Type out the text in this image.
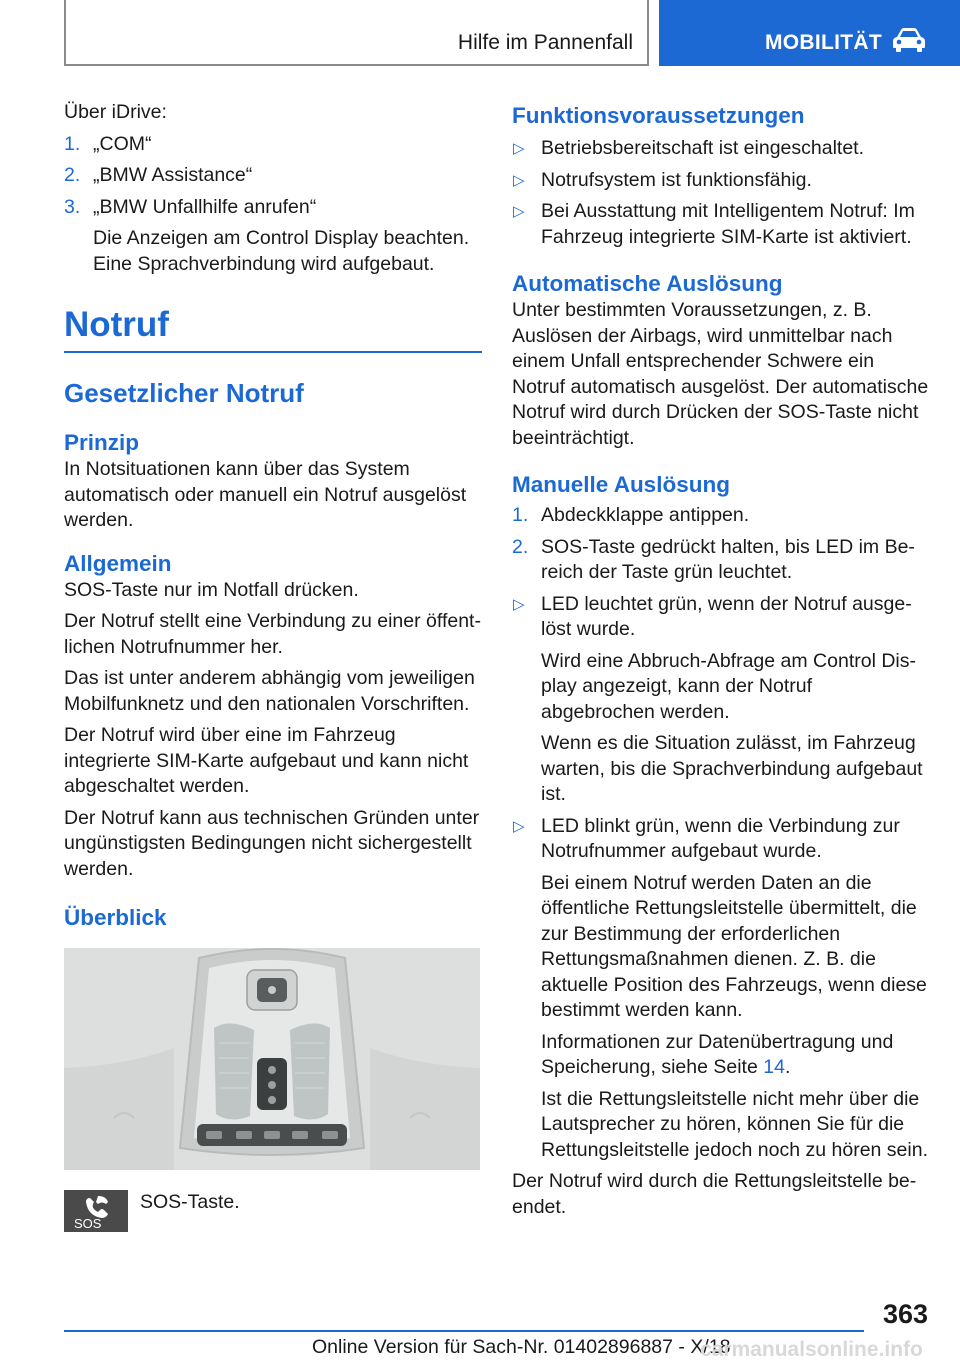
Hilfe im Pannenfall	MOBILITÄT

Über iDrive:

1. „COM“
2. „BMW Assistance“
3. „BMW Unfallhilfe anrufen“
Die Anzeigen am Control Display beachten. Eine Sprachverbindung wird aufgebaut.
Notruf
Gesetzlicher Notruf
Prinzip

In Notsituationen kann über das System automatisch oder manuell ein Notruf ausgelöst werden.

Allgemein

SOS-Taste nur im Notfall drücken.

Der Notruf stellt eine Verbindung zu einer öffentlichen Notrufnummer her.

Das ist unter anderem abhängig vom jeweiligen Mobilfunknetz und den nationalen Vorschriften.

Der Notruf wird über eine im Fahrzeug integrierte SIM-Karte aufgebaut und kann nicht abgeschaltet werden.

Der Notruf kann aus technischen Gründen unter ungünstigsten Bedingungen nicht sichergestellt werden.

Überblick
SOS

SOS-Taste.

Funktionsvoraussetzungen
▷ Betriebsbereitschaft ist eingeschaltet.
▷ Notrufsystem ist funktionsfähig.
▷ Bei Ausstattung mit Intelligentem Notruf: Im Fahrzeug integrierte SIM-Karte ist aktiviert.
Automatische Auslösung

Unter bestimmten Voraussetzungen, z. B. Auslösen der Airbags, wird unmittelbar nach einem Unfall entsprechender Schwere ein Notruf automatisch ausgelöst. Der automatische Notruf wird durch Drücken der SOS-Taste nicht beeinträchtigt.

Manuelle Auslösung
1. Abdeckklappe antippen.
2. SOS-Taste gedrückt halten, bis LED im Bereich der Taste grün leuchtet.
▷ LED leuchtet grün, wenn der Notruf ausgelöst wurde.
Wird eine Abbruch-Abfrage am Control Display angezeigt, kann der Notruf abgebrochen werden.
Wenn es die Situation zulässt, im Fahrzeug warten, bis die Sprachverbindung aufgebaut ist.
▷ LED blinkt grün, wenn die Verbindung zur Notrufnummer aufgebaut wurde.
Bei einem Notruf werden Daten an die öffentliche Rettungsleitstelle übermittelt, die zur Bestimmung der erforderlichen Rettungsmaßnahmen dienen. Z. B. die aktuelle Position des Fahrzeugs, wenn diese bestimmt werden kann.
Informationen zur Datenübertragung und Speicherung, siehe Seite 14.
Ist die Rettungsleitstelle nicht mehr über die Lautsprecher zu hören, können Sie für die Rettungsleitstelle jedoch noch zu hören sein.

Der Notruf wird durch die Rettungsleitstelle beendet.

363
Online Version für Sach-Nr. 01402896887 - X/18
carmanualsonline.info
